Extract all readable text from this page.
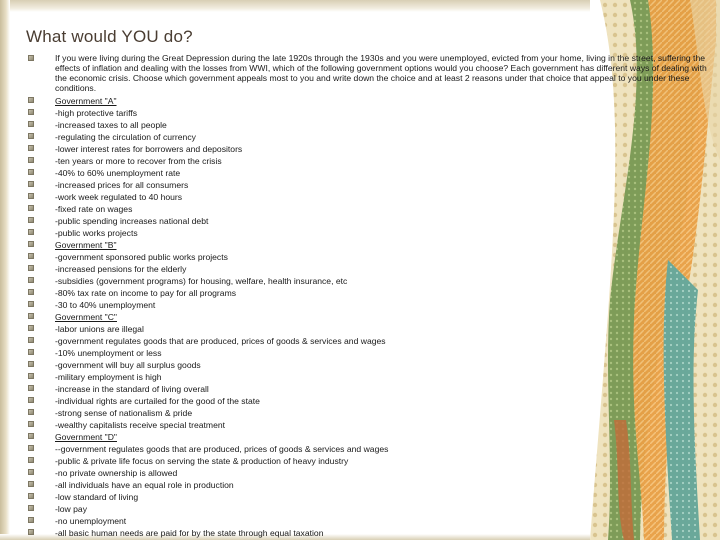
What would YOU do?
If you were living during the Great Depression during the late 1920s through the 1930s and you were unemployed, evicted from your home, living in the street, suffering the effects of inflation and dealing with the losses from WWI, which of the following government options would you choose? Each government has different ways of dealing with the economic crisis. Choose which government appeals most to you and write down the choice and at least 2 reasons under that choice that appeal to you under these conditions.
Government "A"
-high protective tariffs
-increased taxes to all people
-regulating the circulation of currency
-lower interest rates for borrowers and depositors
-ten years or more to recover from the crisis
-40% to 60% unemployment rate
-increased prices for all consumers
-work week regulated to 40 hours
-fixed rate on wages
-public spending increases national debt
-public works projects
Government "B"
-government sponsored public works projects
-increased pensions for the elderly
-subsidies (government programs) for housing, welfare, health insurance, etc
-80% tax rate on income to pay for all programs
-30 to 40% unemployment
Government "C"
-labor unions are illegal
-government regulates goods that are produced, prices of goods & services and wages
-10% unemployment or less
-government will buy all surplus goods
-military employment is high
-increase in the standard of living overall
-individual rights are curtailed for the good of the state
-strong sense of nationalism & pride
-wealthy capitalists receive special treatment
Government "D"
--government regulates goods that are produced, prices of goods & services and wages
-public & private life focus on serving the state & production of heavy industry
-no private ownership is allowed
-all individuals have an equal role in production
-low standard of living
-low pay
-no unemployment
-all basic human needs are paid for by the state through equal taxation
